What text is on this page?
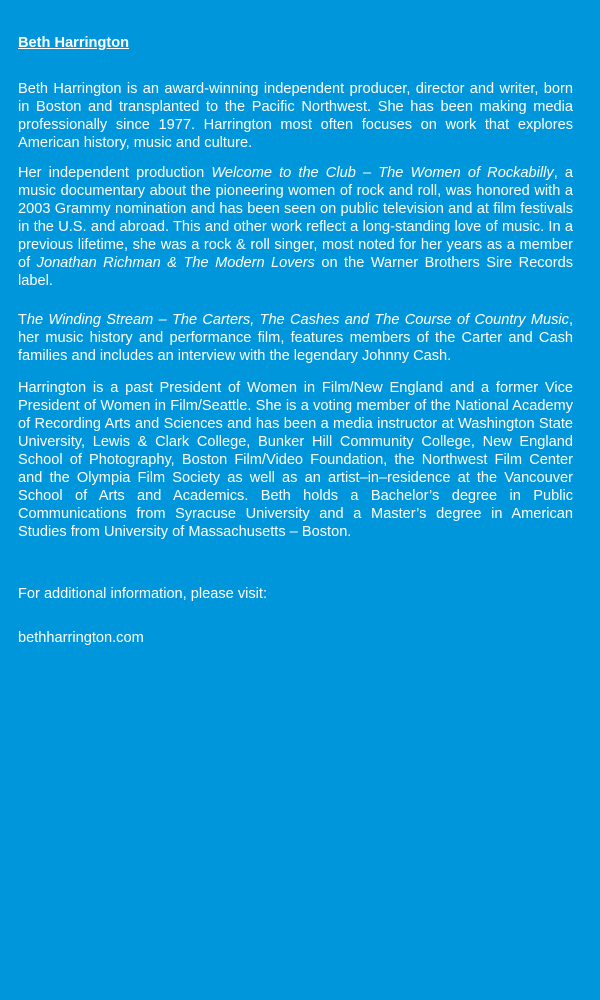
Beth Harrington

Beth Harrington is an award-winning independent producer, director and writer, born in Boston and transplanted to the Pacific Northwest. She has been making media professionally since 1977. Harrington most often focuses on work that explores American history, music and culture.

Her independent production Welcome to the Club – The Women of Rockabilly, a music documentary about the pioneering women of rock and roll, was honored with a 2003 Grammy nomination and has been seen on public television and at film festivals in the U.S. and abroad. This and other work reflect a long-standing love of music. In a previous lifetime, she was a rock & roll singer, most noted for her years as a member of Jonathan Richman & The Modern Lovers on the Warner Brothers Sire Records label.

The Winding Stream – The Carters, The Cashes and The Course of Country Music, her music history and performance film, features members of the Carter and Cash families and includes an interview with the legendary Johnny Cash.

Harrington is a past President of Women in Film/New England and a former Vice President of Women in Film/Seattle. She is a voting member of the National Academy of Recording Arts and Sciences and has been a media instructor at Washington State University, Lewis & Clark College, Bunker Hill Community College, New England School of Photography, Boston Film/Video Foundation, the Northwest Film Center and the Olympia Film Society as well as an artist–in–residence at the Vancouver School of Arts and Academics. Beth holds a Bachelor’s degree in Public Communications from Syracuse University and a Master’s degree in American Studies from University of Massachusetts – Boston.

For additional information, please visit:

bethharrington.com
